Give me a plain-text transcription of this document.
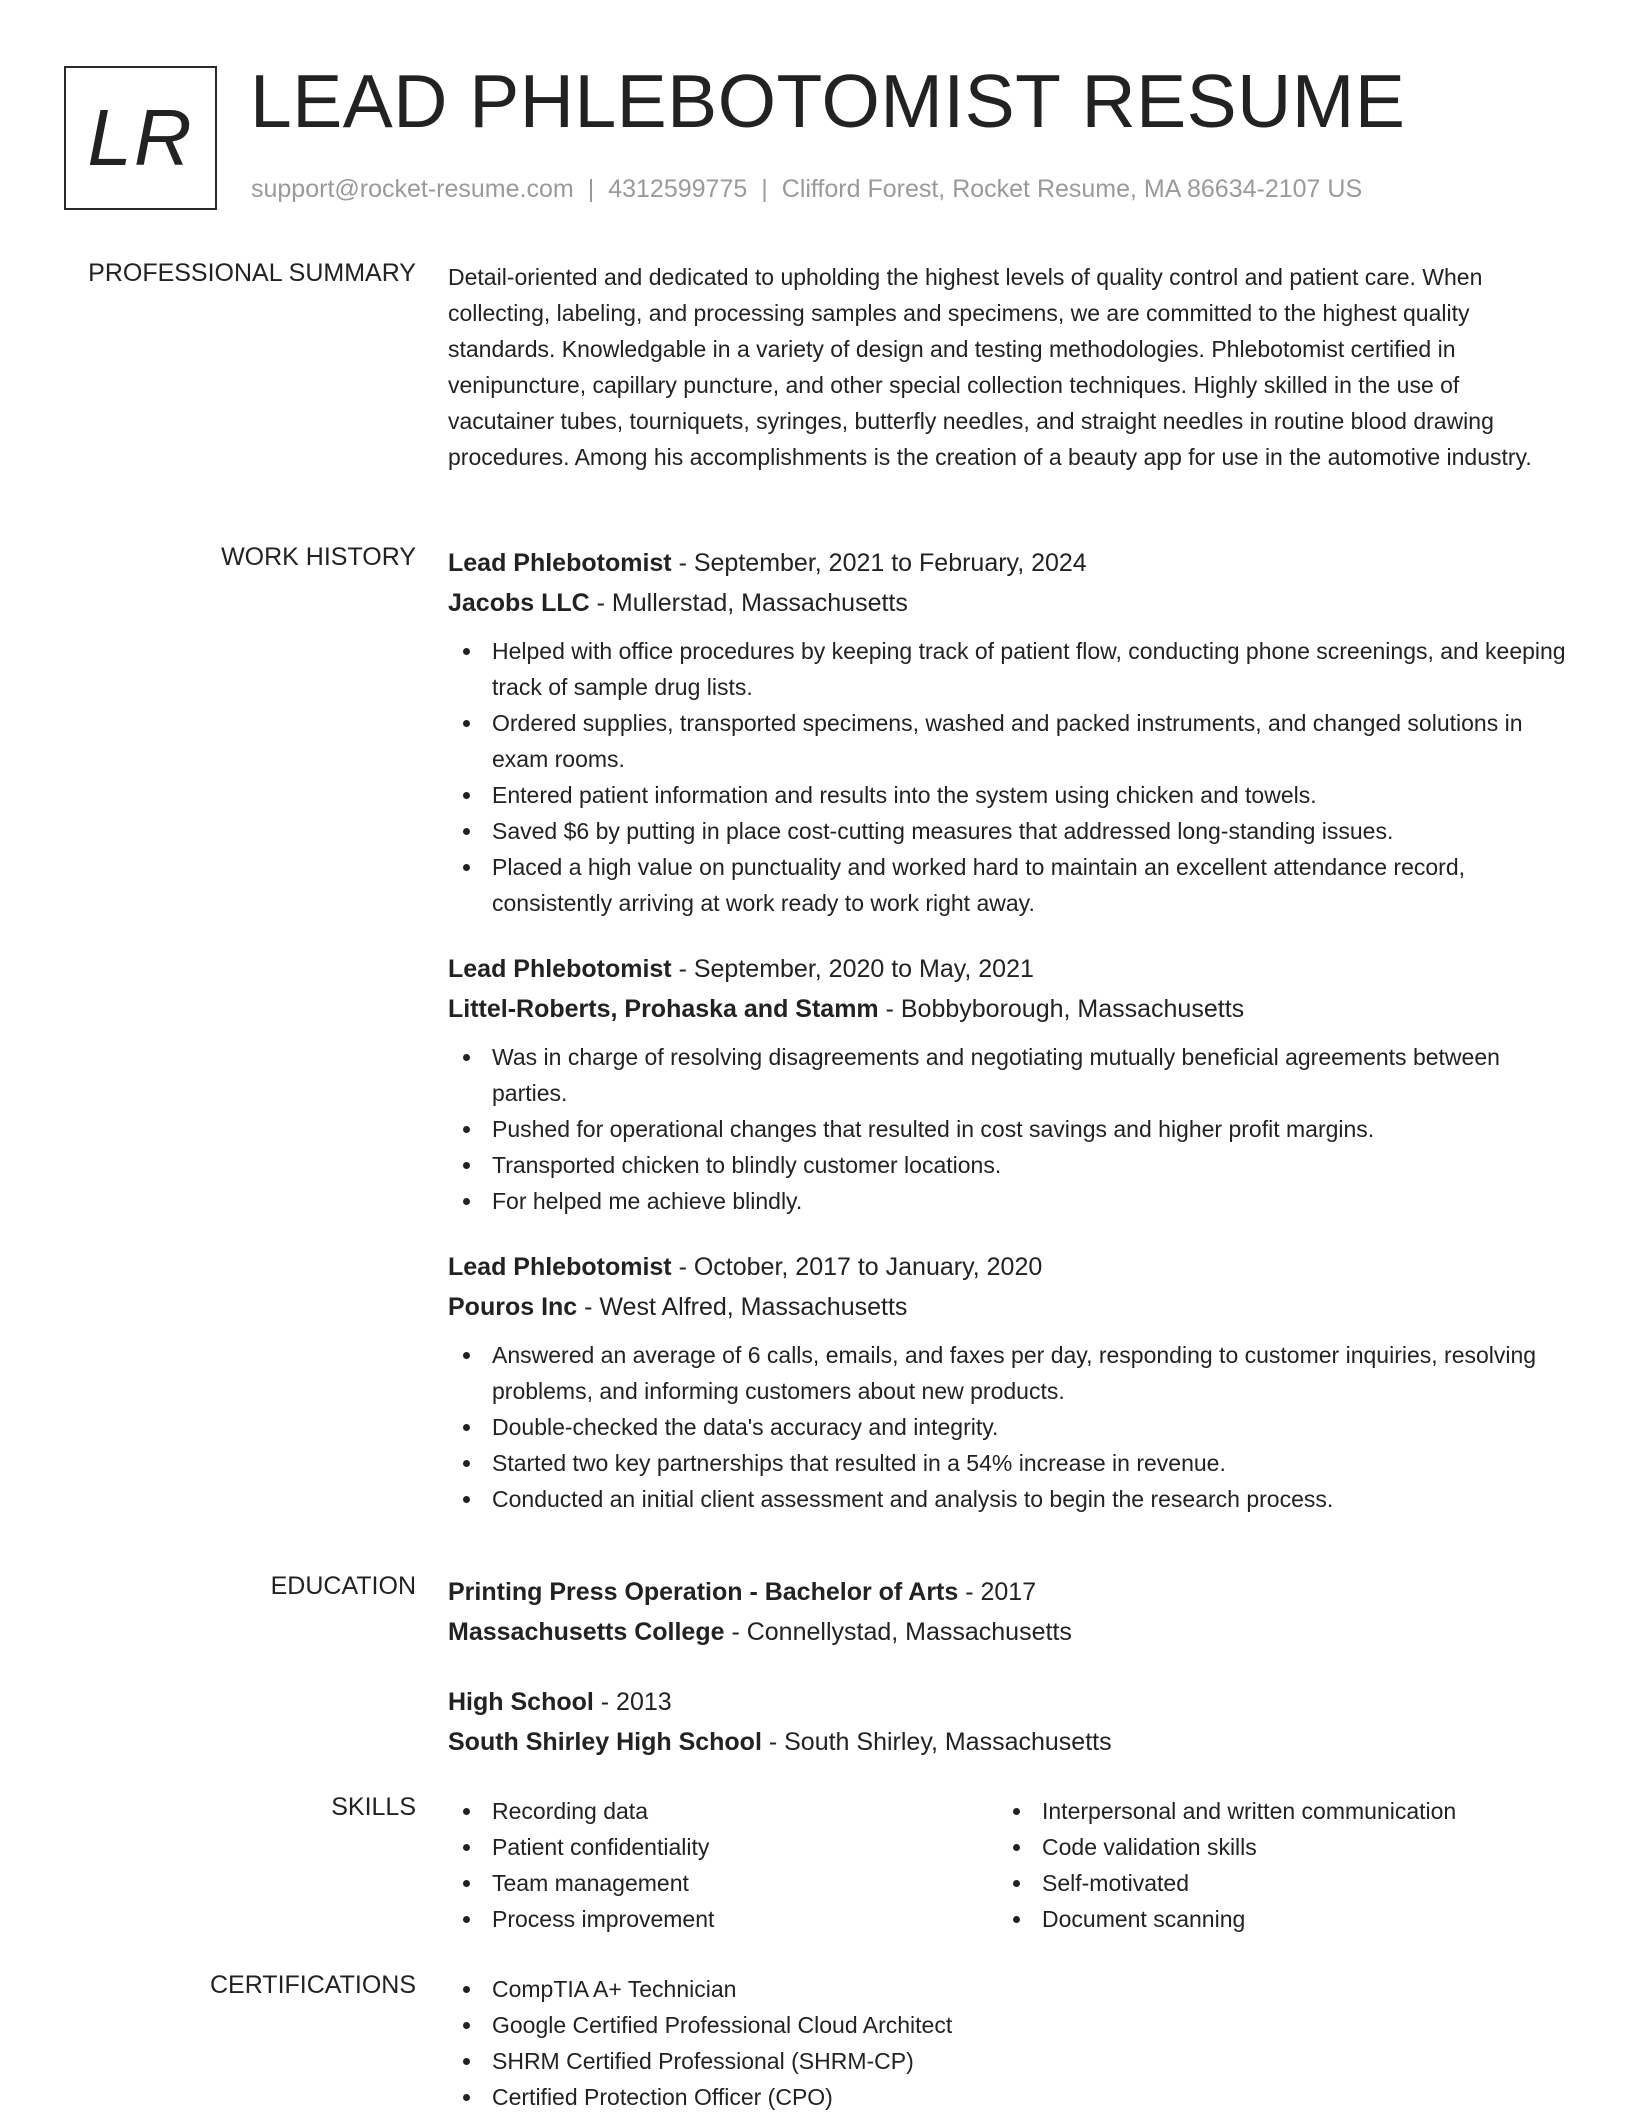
LR LEAD PHLEBOTOMIST RESUME
support@rocket-resume.com | 4312599775 | Clifford Forest, Rocket Resume, MA 86634-2107 US
PROFESSIONAL SUMMARY Detail-oriented and dedicated to upholding the highest levels of quality control and patient care. When collecting, labeling, and processing samples and specimens, we are committed to the highest quality standards. Knowledgable in a variety of design and testing methodologies. Phlebotomist certified in venipuncture, capillary puncture, and other special collection techniques. Highly skilled in the use of vacutainer tubes, tourniquets, syringes, butterfly needles, and straight needles in routine blood drawing procedures. Among his accomplishments is the creation of a beauty app for use in the automotive industry.
WORK HISTORY Lead Phlebotomist - September, 2021 to February, 2024
Jacobs LLC - Mullerstad, Massachusetts
Helped with office procedures by keeping track of patient flow, conducting phone screenings, and keeping track of sample drug lists.
Ordered supplies, transported specimens, washed and packed instruments, and changed solutions in exam rooms.
Entered patient information and results into the system using chicken and towels.
Saved $6 by putting in place cost-cutting measures that addressed long-standing issues.
Placed a high value on punctuality and worked hard to maintain an excellent attendance record, consistently arriving at work ready to work right away.
Lead Phlebotomist - September, 2020 to May, 2021
Littel-Roberts, Prohaska and Stamm - Bobbyborough, Massachusetts
Was in charge of resolving disagreements and negotiating mutually beneficial agreements between parties.
Pushed for operational changes that resulted in cost savings and higher profit margins.
Transported chicken to blindly customer locations.
For helped me achieve blindly.
Lead Phlebotomist - October, 2017 to January, 2020
Pouros Inc - West Alfred, Massachusetts
Answered an average of 6 calls, emails, and faxes per day, responding to customer inquiries, resolving problems, and informing customers about new products.
Double-checked the data's accuracy and integrity.
Started two key partnerships that resulted in a 54% increase in revenue.
Conducted an initial client assessment and analysis to begin the research process.
EDUCATION Printing Press Operation - Bachelor of Arts - 2017
Massachusetts College - Connellystad, Massachusetts
High School - 2013
South Shirley High School - South Shirley, Massachusetts
SKILLS	Recording data
Patient confidentiality
Team management
Process improvement
Interpersonal and written communication
Code validation skills
Self-motivated
Document scanning
CERTIFICATIONS	CompTIA A+ Technician
Google Certified Professional Cloud Architect
SHRM Certified Professional (SHRM-CP)
Certified Protection Officer (CPO)
